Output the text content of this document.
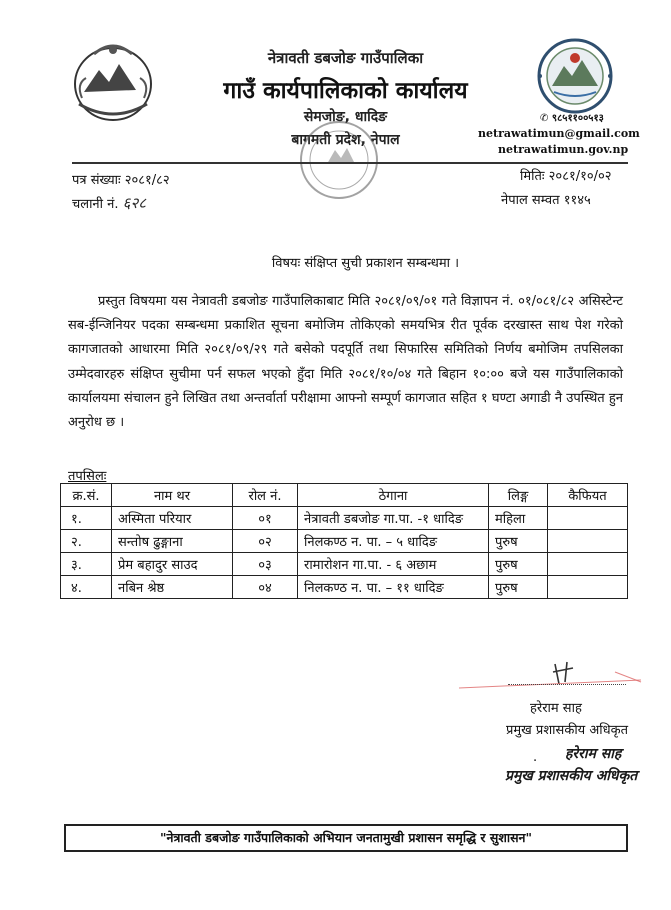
नेत्रावती डबजोङ गाउँपालिका
गाउँ कार्यपालिकाको कार्यालय
सेमजोङ, धादिङ
बागमती प्रदेश, नेपाल
✆ ९८५११००५१३
netrawatimun@gmail.com
netrawatimun.gov.np
पत्र संख्याः २०८१/८२
चलानी नं. ६२८
मितिः २०८१/१०/०२
नेपाल सम्वत ११४५
विषयः संक्षिप्त सुची प्रकाशन सम्बन्धमा ।
प्रस्तुत विषयमा यस नेत्रावती डबजोङ गाउँपालिकाबाट मिति २०८१/०९/०१ गते विज्ञापन नं. ०१/०८१/८२ असिस्टेन्ट सब-ईन्जिनियर पदका सम्बन्धमा प्रकाशित सूचना बमोजिम तोकिएको समयभित्र रीत पूर्वक दरखास्त साथ पेश गरेको कागजातको आधारमा मिति २०८१/०९/२९ गते बसेको पदपूर्ति तथा सिफारिस समितिको निर्णय बमोजिम तपसिलका उम्मेदवारहरु संक्षिप्त सुचीमा पर्न सफल भएको हुँदा मिति २०८१/१०/०४ गते बिहान १०:०० बजे यस गाउँपालिकाको कार्यालयमा संचालन हुने लिखित तथा अन्तर्वार्ता परीक्षामा आफ्नो सम्पूर्ण कागजात सहित १ घण्टा अगाडी नै उपस्थित हुन अनुरोध छ ।
तपसिलः
क्र.सं.	नाम थर	रोल नं.	ठेगाना	लिङ्ग	कैफियत
१.	अस्मिता परियार	०१	नेत्रावती डबजोङ गा.पा. -१ धादिङ	महिला	
२.	सन्तोष ढुङ्गाना	०२	निलकण्ठ न. पा. – ५ धादिङ	पुरुष	
३.	प्रेम बहादुर साउद	०३	रामारोशन गा.पा. - ६ अछाम	पुरुष	
४.	नबिन श्रेष्ठ	०४	निलकण्ठ न. पा. – ११ धादिङ	पुरुष	
हरेराम साह
प्रमुख प्रशासकीय अधिकृत
. हरेराम साह
प्रमुख प्रशासकीय अधिकृत
"नेत्रावती डबजोङ गाउँपालिकाको अभियान जनतामुखी प्रशासन समृद्धि र सुशासन"
